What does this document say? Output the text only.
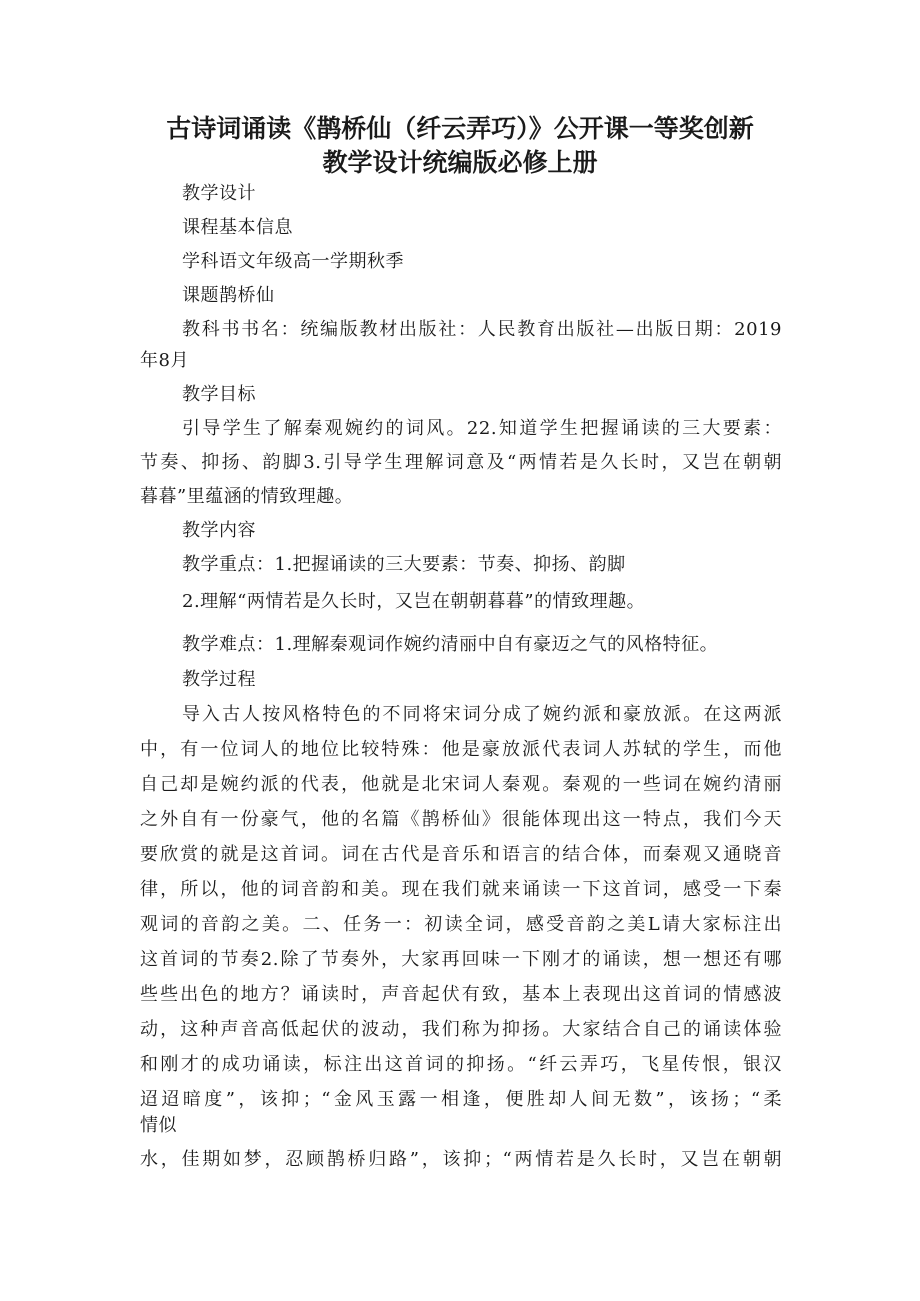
古诗词诵读《鹊桥仙（纤云弄巧）》公开课一等奖创新
教学设计统编版必修上册

教学设计

课程基本信息

学科语文年级高一学期秋季

课题鹊桥仙

教科书书名：统编版教材出版社：人民教育出版社—出版日期：2019

年8月

教学目标

引导学生了解秦观婉约的词风。22.知道学生把握诵读的三大要素：

节奏、抑扬、韵脚3.引导学生理解词意及“两情若是久长时，又岂在朝朝

暮暮”里蕴涵的情致理趣。

教学内容

教学重点：1.把握诵读的三大要素：节奏、抑扬、韵脚

2.理解“两情若是久长时，又岂在朝朝暮暮”的情致理趣。

教学难点：1.理解秦观词作婉约清丽中自有豪迈之气的风格特征。

教学过程

导入古人按风格特色的不同将宋词分成了婉约派和豪放派。在这两派

中，有一位词人的地位比较特殊：他是豪放派代表词人苏轼的学生，而他

自己却是婉约派的代表，他就是北宋词人秦观。秦观的一些词在婉约清丽

之外自有一份豪气，他的名篇《鹊桥仙》很能体现出这一特点，我们今天

要欣赏的就是这首词。词在古代是音乐和语言的结合体，而秦观又通晓音

律，所以，他的词音韵和美。现在我们就来诵读一下这首词，感受一下秦

观词的音韵之美。二、任务一：初读全词，感受音韵之美L请大家标注出

这首词的节奏2.除了节奏外，大家再回味一下刚才的诵读，想一想还有哪

些些出色的地方？诵读时，声音起伏有致，基本上表现出这首词的情感波

动，这种声音高低起伏的波动，我们称为抑扬。大家结合自己的诵读体验

和刚才的成功诵读，标注出这首词的抑扬。“纤云弄巧，飞星传恨，银汉

迢迢暗度”，该抑；“金风玉露一相逢，便胜却人间无数”，该扬；“柔

情似

水，佳期如梦，忍顾鹊桥归路”，该抑；“两情若是久长时，又岂在朝朝
